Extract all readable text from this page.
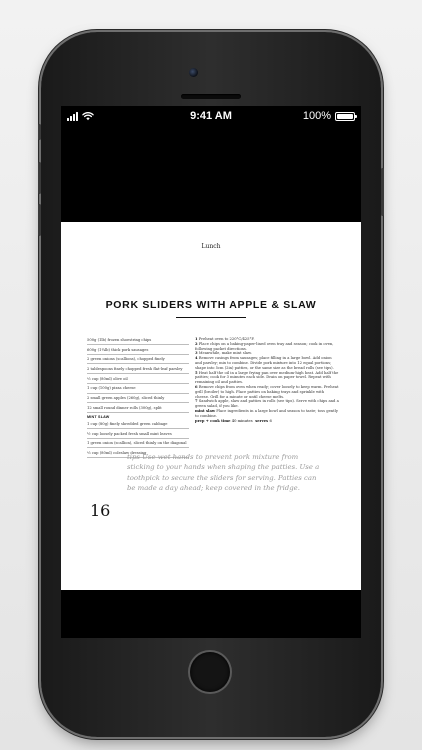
9:41 AM	100%
Lunch
PORK SLIDERS WITH APPLE & SLAW
500g (1lb) frozen shoestring chips
600g (1¼lb) thick pork sausages
2 green onions (scallions), chopped finely
2 tablespoons finely chopped fresh flat-leaf parsley
⅓ cup (80ml) olive oil
1 cup (100g) pizza cheese
2 small green apples (260g), sliced thinly
12 small round dinner rolls (300g), split
MINT SLAW
1 cup (80g) finely shredded green cabbage
½ cup loosely packed fresh small mint leaves
1 green onion (scallion), sliced thinly on the diagonal
⅓ cup (80ml) coleslaw dressing
1 Preheat oven to 220°C/425°F.
2 Place chips on a baking-paper-lined oven tray and season; cook in oven, following packet directions.
3 Meanwhile, make mint slaw.
4 Remove casings from sausages; place filling in a large bowl. Add onion and parsley; mix to combine. Divide pork mixture into 12 equal portions; shape into 5cm (2in) patties, or the same size as the bread rolls (see tips).
5 Heat half the oil in a large frying pan over medium-high heat. Add half the patties; cook for 3 minutes each side. Drain on paper towel. Repeat with remaining oil and patties.
6 Remove chips from oven when ready; cover loosely to keep warm. Preheat grill (broiler) to high. Place patties on baking trays and sprinkle with cheese. Grill for a minute or until cheese melts.
7 Sandwich apple, slaw and patties in rolls (see tips). Serve with chips and a green salad, if you like.
mint slaw Place ingredients in a large bowl and season to taste; toss gently to combine.
prep + cook time 40 minutes serves 6
tips Use wet hands to prevent pork mixture from sticking to your hands when shaping the patties. Use a toothpick to secure the sliders for serving. Patties can be made a day ahead; keep covered in the fridge.
16
